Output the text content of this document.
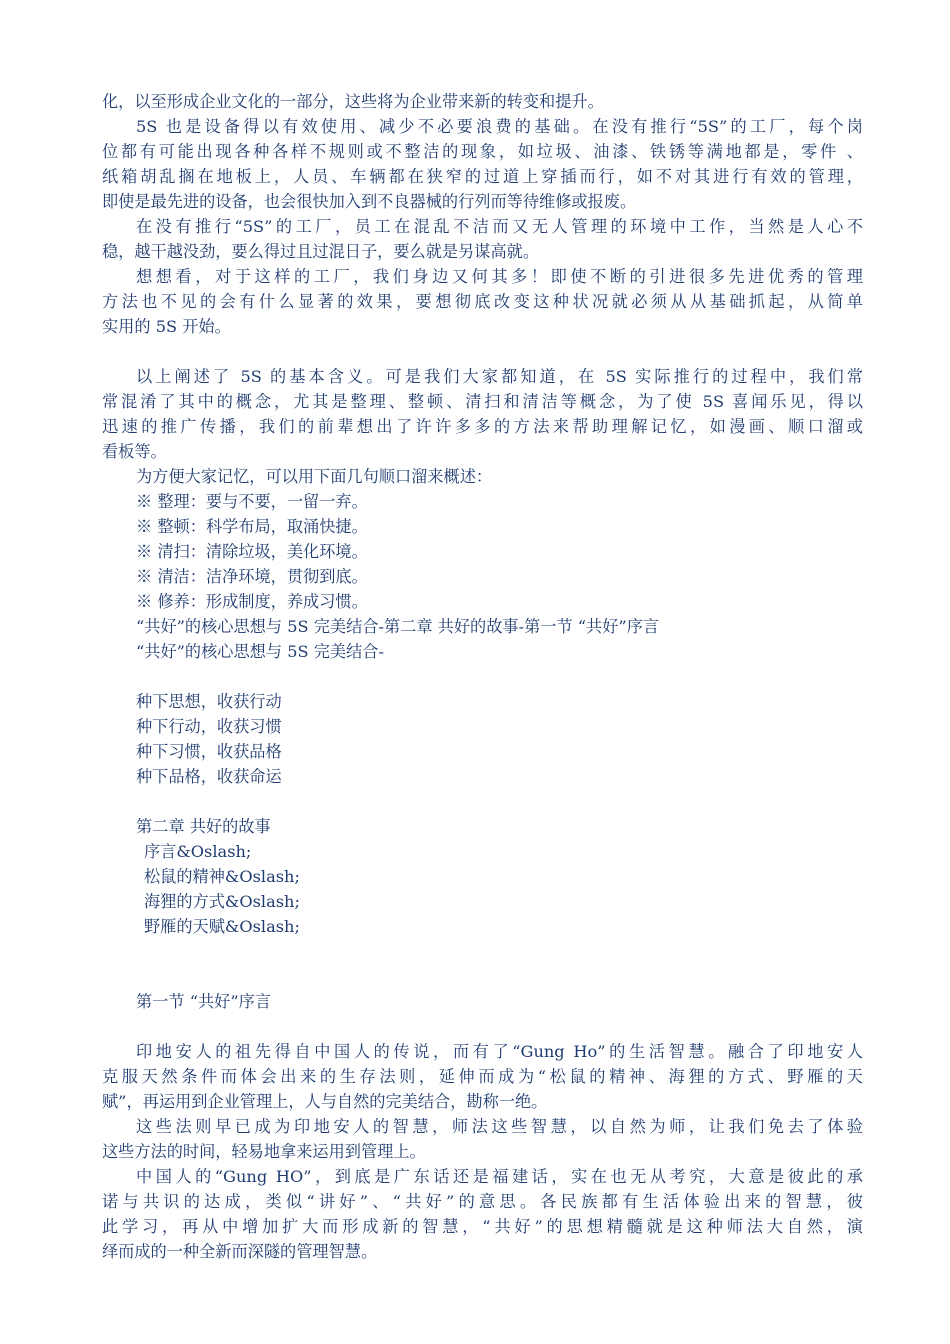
化，以至形成企业文化的一部分，这些将为企业带来新的转变和提升。
5S 也是设备得以有效使用、减少不必要浪费的基础。在没有推行“5S”的工厂，每个岗
位都有可能出现各种各样不规则或不整洁的现象，如垃圾、油漆、铁锈等满地都是，零件 、
纸箱胡乱搁在地板上，人员、车辆都在狭窄的过道上穿插而行，如不对其进行有效的管理，
即使是最先进的设备，也会很快加入到不良器械的行列而等待维修或报废。
在没有推行“5S”的工厂，员工在混乱不洁而又无人管理的环境中工作，当然是人心不
稳，越干越没劲，要么得过且过混日子，要么就是另谋高就。
想想看，对于这样的工厂，我们身边又何其多！即使不断的引进很多先进优秀的管理
方法也不见的会有什么显著的效果，要想彻底改变这种状况就必须从从基础抓起，从简单
实用的 5S 开始。
以上阐述了 5S 的基本含义。可是我们大家都知道，在 5S 实际推行的过程中，我们常
常混淆了其中的概念，尤其是整理、整顿、清扫和清洁等概念，为了使 5S 喜闻乐见，得以
迅速的推广传播，我们的前辈想出了许许多多的方法来帮助理解记忆，如漫画、顺口溜或
看板等。
为方便大家记忆，可以用下面几句顺口溜来概述：
※ 整理：要与不要，一留一弃。
※ 整顿：科学布局，取涌快捷。
※ 清扫：清除垃圾，美化环境。
※ 清洁：洁净环境，贯彻到底。
※ 修养：形成制度，养成习惯。
“共好”的核心思想与 5S 完美结合-第二章 共好的故事-第一节 “共好”序言
“共好”的核心思想与 5S 完美结合-
种下思想，收获行动
种下行动，收获习惯
种下习惯，收获品格
种下品格，收获命运
第二章 共好的故事
序言&Oslash;
松鼠的精神&Oslash;
海狸的方式&Oslash;
野雁的天赋&Oslash;
第一节 “共好”序言
印地安人的祖先得自中国人的传说，而有了“Gung Ho”的生活智慧。融合了印地安人
克服天然条件而体会出来的生存法则，延伸而成为“松鼠的精神、海狸的方式、野雁的天
赋”，再运用到企业管理上，人与自然的完美结合，勘称一绝。
这些法则早已成为印地安人的智慧，师法这些智慧，以自然为师，让我们免去了体验
这些方法的时间，轻易地拿来运用到管理上。
中国人的“Gung HO”，到底是广东话还是福建话，实在也无从考究，大意是彼此的承
诺与共识的达成，类似“讲好”、“共好”的意思。各民族都有生活体验出来的智慧，彼
此学习，再从中增加扩大而形成新的智慧，“共好”的思想精髓就是这种师法大自然，演
绎而成的一种全新而深隧的管理智慧。
